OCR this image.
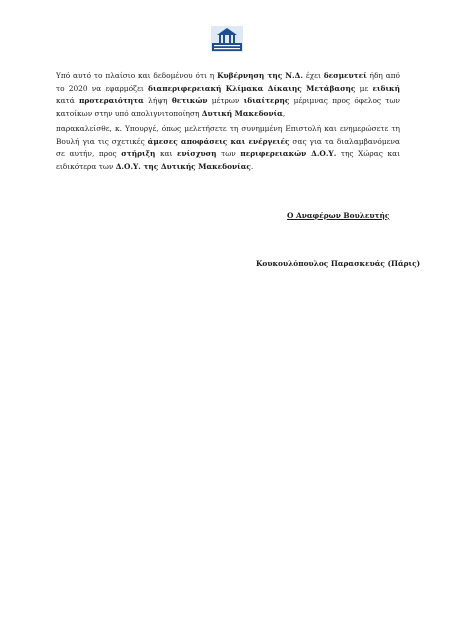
Υπό αυτό το πλαίσιο και δεδομένου ότι η Κυβέρνηση της Ν.Δ. έχει δεσμευτεί ήδη από το 2020 να εφαρμόζει διαπεριφερειακή Κλίμακα Δίκαιης Μετάβασης με ειδική κατά προτεραιότητα λήψη θετικών μέτρων ιδιαίτερης μέριμνας προς όφελος των κατοίκων στην υπό απολιγνιτοποίηση Δυτική Μακεδονία,

παρακαλείσθε, κ. Υπουργέ, όπως μελετήσετε τη συνημμένη Επιστολή και ενημερώσετε τη Βουλή για τις σχετικές άμεσες αποφάσεις και ενέργειές σας για τα διαλαμβανόμενα σε αυτήν, προς στήριξη και ενίσχυση των περιφερειακών Δ.Ο.Υ. της Χώρας και ειδικότερα των Δ.Ο.Υ. της Δυτικής Μακεδονίας.

Ο Αναφέρων Βουλευτής
Κουκουλόπουλος Παρασκευάς (Πάρις)
